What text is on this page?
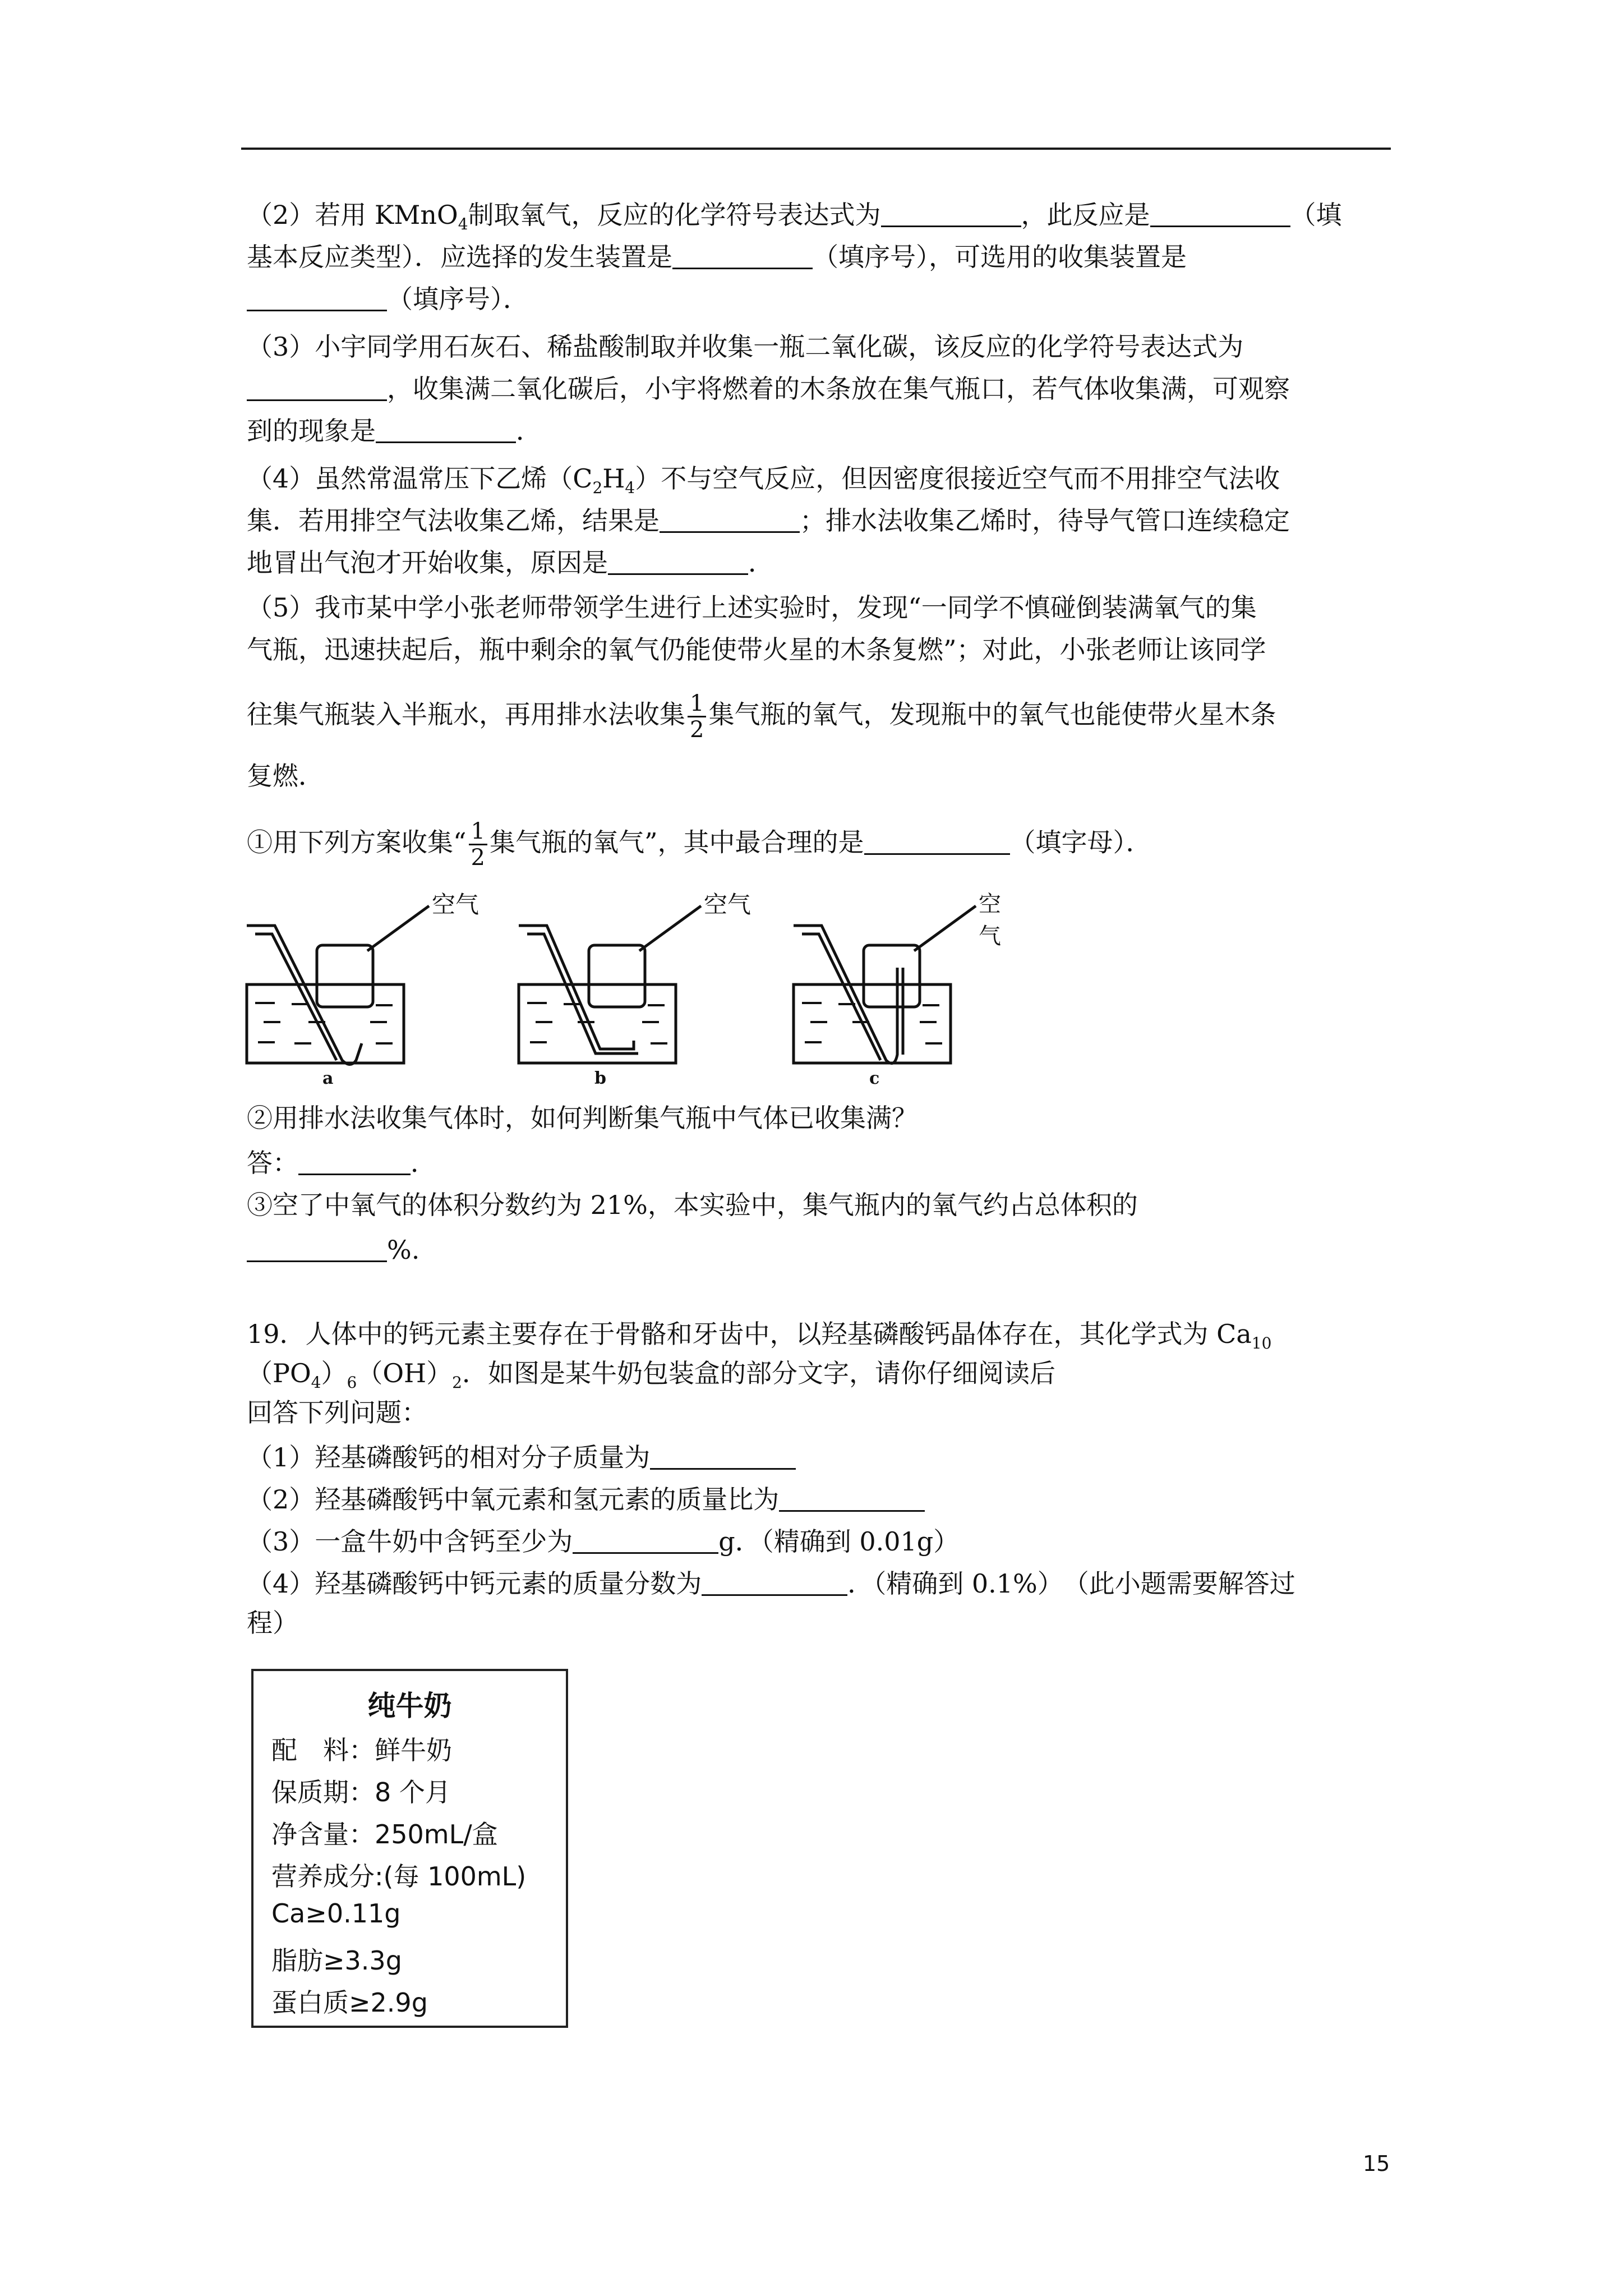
（2）若用 KMnO$_4$制取氧气，反应的化学符号表达式为	，此反应是	（填
基本反应类型）．应选择的发生装置是	（填序号），可选用的收集装置是
（填序号）．
（3）小宇同学用石灰石、稀盐酸制取并收集一瓶二氧化碳，该反应的化学符号表达式为
，收集满二氧化碳后，小宇将燃着的木条放在集气瓶口，若气体收集满，可观察
到的现象是	．
（4）虽然常温常压下乙烯$(C_2H_4)$不与空气反应，但因密度很接近空气而不用排空气法收
集．若用排空气法收集乙烯，结果是	；排水法收集乙烯时，待导气管口连续稳定
地冒出气泡才开始收集，原因是	．
（5）我市某中学小张老师带领学生进行上述实验时，发现“一同学不慎碰倒装满氧气的集
气瓶，迅速扶起后，瓶中剩余的氧气仍能使带火星的木条复燃”；对此，小张老师让该同学
往集气瓶装入半瓶水，再用排水法收集 $\frac{1}{2}$ 集气瓶的氧气，发现瓶中的氧气也能使带火星木条
复燃．
①用下列方案收集“ $\frac{1}{2}$ 集气瓶的氧气”，其中最合理的是	（填字母）．
空气	空气	空气
a	b	c
②用排水法收集气体时，如何判断集气瓶中气体已收集满？
答：	．
③空了中氧气的体积分数约为 21%，本实验中，集气瓶内的氧气约占总体积的
%.
19．人体中的钙元素主要存在于骨骼和牙齿中，以羟基磷酸钙晶体存在，其化学式为 $Ca_{10}$
$(PO_4)_6(OH)_2$．如图是某牛奶包装盒的部分文字，请你仔细阅读后
回答下列问题：
（1）羟基磷酸钙的相对分子质量为
（2）羟基磷酸钙中氧元素和氢元素的质量比为
（3）一盒牛奶中含钙至少为	g．（精确到 0.01g）
（4）羟基磷酸钙中钙元素的质量分数为	．（精确到 0.1%）　（此小题需要解答过
程）
纯牛奶
配　料：鲜牛奶
保质期：8 个月
净含量：250mL/盒
营养成分:(每 100mL)
Ca≥0.11g
脂肪≥3.3g
蛋白质≥2.9g
15
